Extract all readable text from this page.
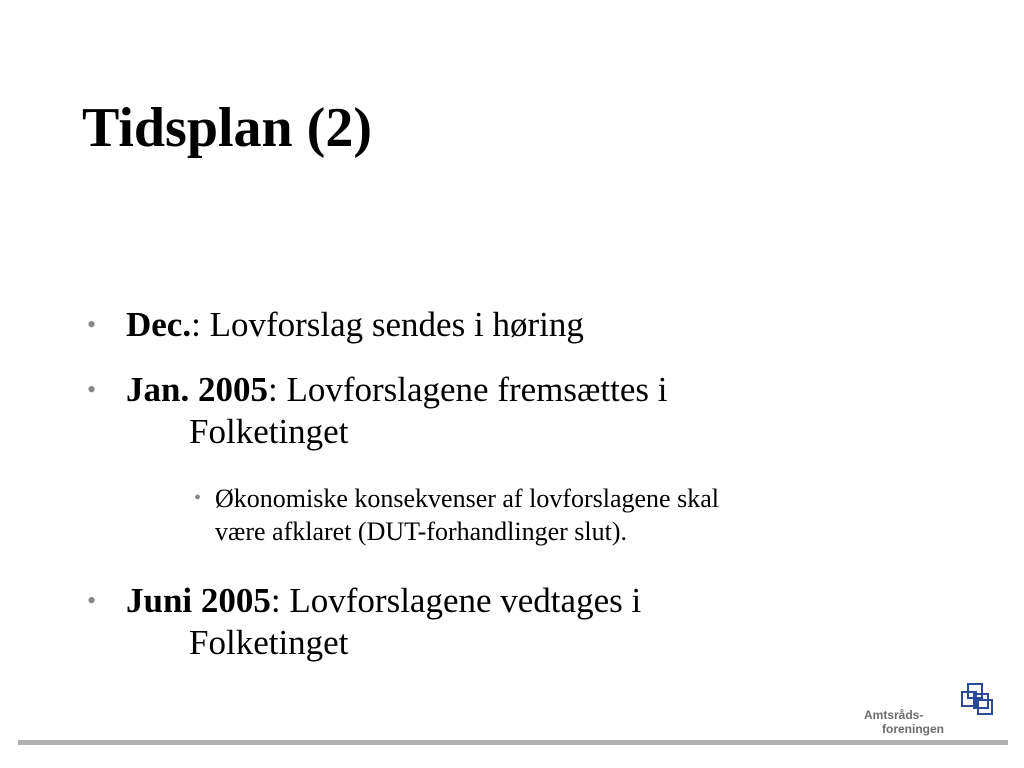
Tidsplan (2)
• Dec.: Lovforslag sendes i høring
• Jan. 2005: Lovforslagene fremsættes i
Folketinget
• Økonomiske konsekvenser af lovforslagene skal
være afklaret (DUT-forhandlinger slut).
• Juni 2005: Lovforslagene vedtages i
Folketinget
Amtsråds-
foreningen
